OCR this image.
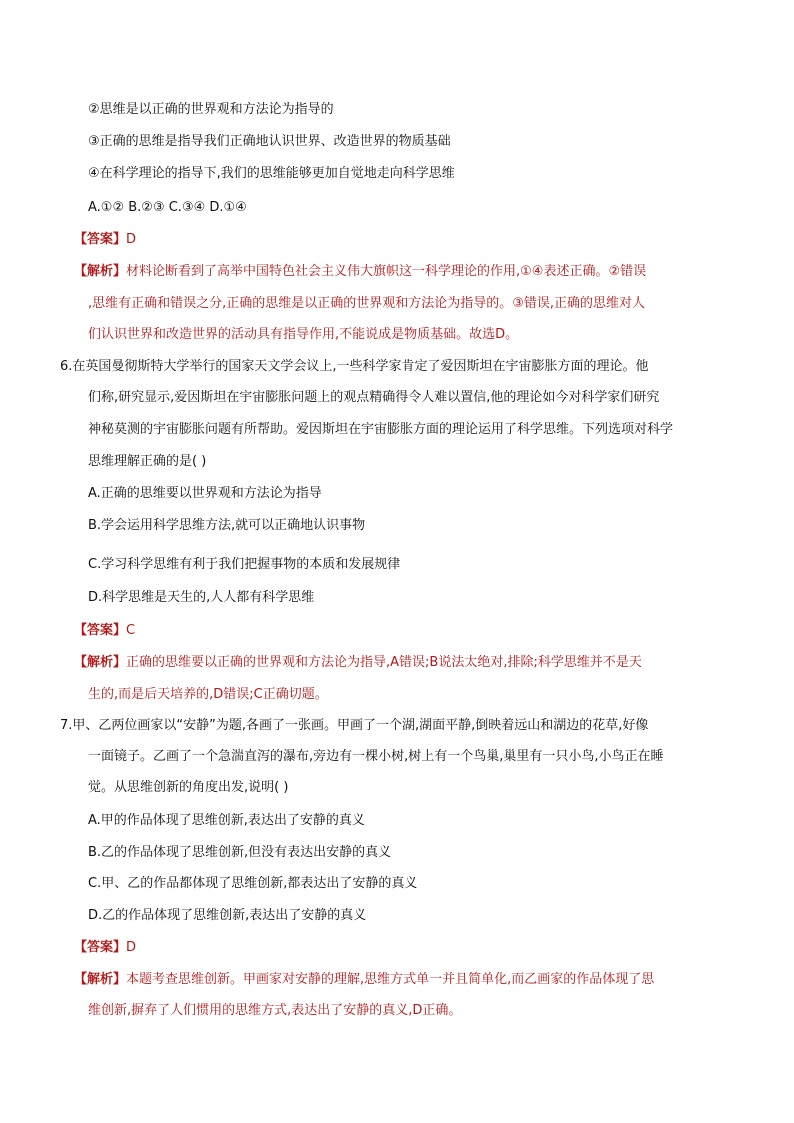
②思维是以正确的世界观和方法论为指导的
③正确的思维是指导我们正确地认识世界、改造世界的物质基础
④在科学理论的指导下,我们的思维能够更加自觉地走向科学思维
A.①② B.②③ C.③④ D.①④
【答案】D
【解析】材料论断看到了高举中国特色社会主义伟大旗帜这一科学理论的作用,①④表述正确。②错误
,思维有正确和错误之分,正确的思维是以正确的世界观和方法论为指导的。③错误,正确的思维对人
们认识世界和改造世界的活动具有指导作用,不能说成是物质基础。故选D。
6.在英国曼彻斯特大学举行的国家天文学会议上,一些科学家肯定了爱因斯坦在宇宙膨胀方面的理论。他
们称,研究显示,爱因斯坦在宇宙膨胀问题上的观点精确得令人难以置信,他的理论如今对科学家们研究
神秘莫测的宇宙膨胀问题有所帮助。爱因斯坦在宇宙膨胀方面的理论运用了科学思维。下列选项对科学
思维理解正确的是( )
A.正确的思维要以世界观和方法论为指导
B.学会运用科学思维方法,就可以正确地认识事物
C.学习科学思维有利于我们把握事物的本质和发展规律
D.科学思维是天生的,人人都有科学思维
【答案】C
【解析】正确的思维要以正确的世界观和方法论为指导,A错误;B说法太绝对,排除;科学思维并不是天
生的,而是后天培养的,D错误;C正确切题。
7.甲、乙两位画家以“安静”为题,各画了一张画。甲画了一个湖,湖面平静,倒映着远山和湖边的花草,好像
一面镜子。乙画了一个急湍直泻的瀑布,旁边有一棵小树,树上有一个鸟巢,巢里有一只小鸟,小鸟正在睡
觉。从思维创新的角度出发,说明( )
A.甲的作品体现了思维创新,表达出了安静的真义
B.乙的作品体现了思维创新,但没有表达出安静的真义
C.甲、乙的作品都体现了思维创新,都表达出了安静的真义
D.乙的作品体现了思维创新,表达出了安静的真义
【答案】D
【解析】本题考查思维创新。甲画家对安静的理解,思维方式单一并且简单化,而乙画家的作品体现了思
维创新,摒弃了人们惯用的思维方式,表达出了安静的真义,D正确。
